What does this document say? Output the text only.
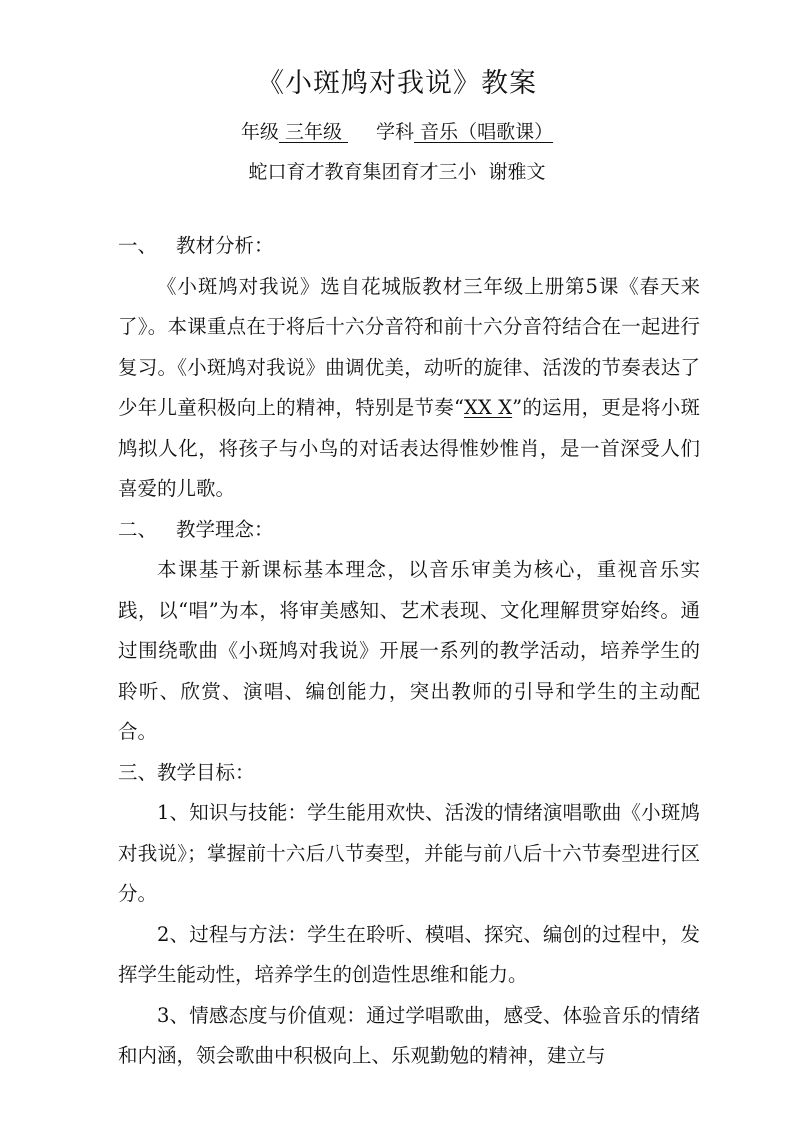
《小斑鸠对我说》教案
年级 三年级 学科 音乐（唱歌课）
蛇口育才教育集团育才三小  谢雅文

一、 教材分析：

《小斑鸠对我说》选自花城版教材三年级上册第5课《春天来了》。本课重点在于将后十六分音符和前十六分音符结合在一起进行复习。《小斑鸠对我说》曲调优美，动听的旋律、活泼的节奏表达了少年儿童积极向上的精神，特别是节奏“XX X”的运用，更是将小斑鸠拟人化，将孩子与小鸟的对话表达得惟妙惟肖，是一首深受人们喜爱的儿歌。

二、 教学理念：

本课基于新课标基本理念，以音乐审美为核心，重视音乐实践，以“唱”为本，将审美感知、艺术表现、文化理解贯穿始终。通过围绕歌曲《小斑鸠对我说》开展一系列的教学活动，培养学生的聆听、欣赏、演唱、编创能力，突出教师的引导和学生的主动配合。

三、教学目标：

1、知识与技能：学生能用欢快、活泼的情绪演唱歌曲《小斑鸠对我说》；掌握前十六后八节奏型，并能与前八后十六节奏型进行区分。

2、过程与方法：学生在聆听、模唱、探究、编创的过程中，发挥学生能动性，培养学生的创造性思维和能力。

3、情感态度与价值观：通过学唱歌曲，感受、体验音乐的情绪和内涵，领会歌曲中积极向上、乐观勤勉的精神，建立与
